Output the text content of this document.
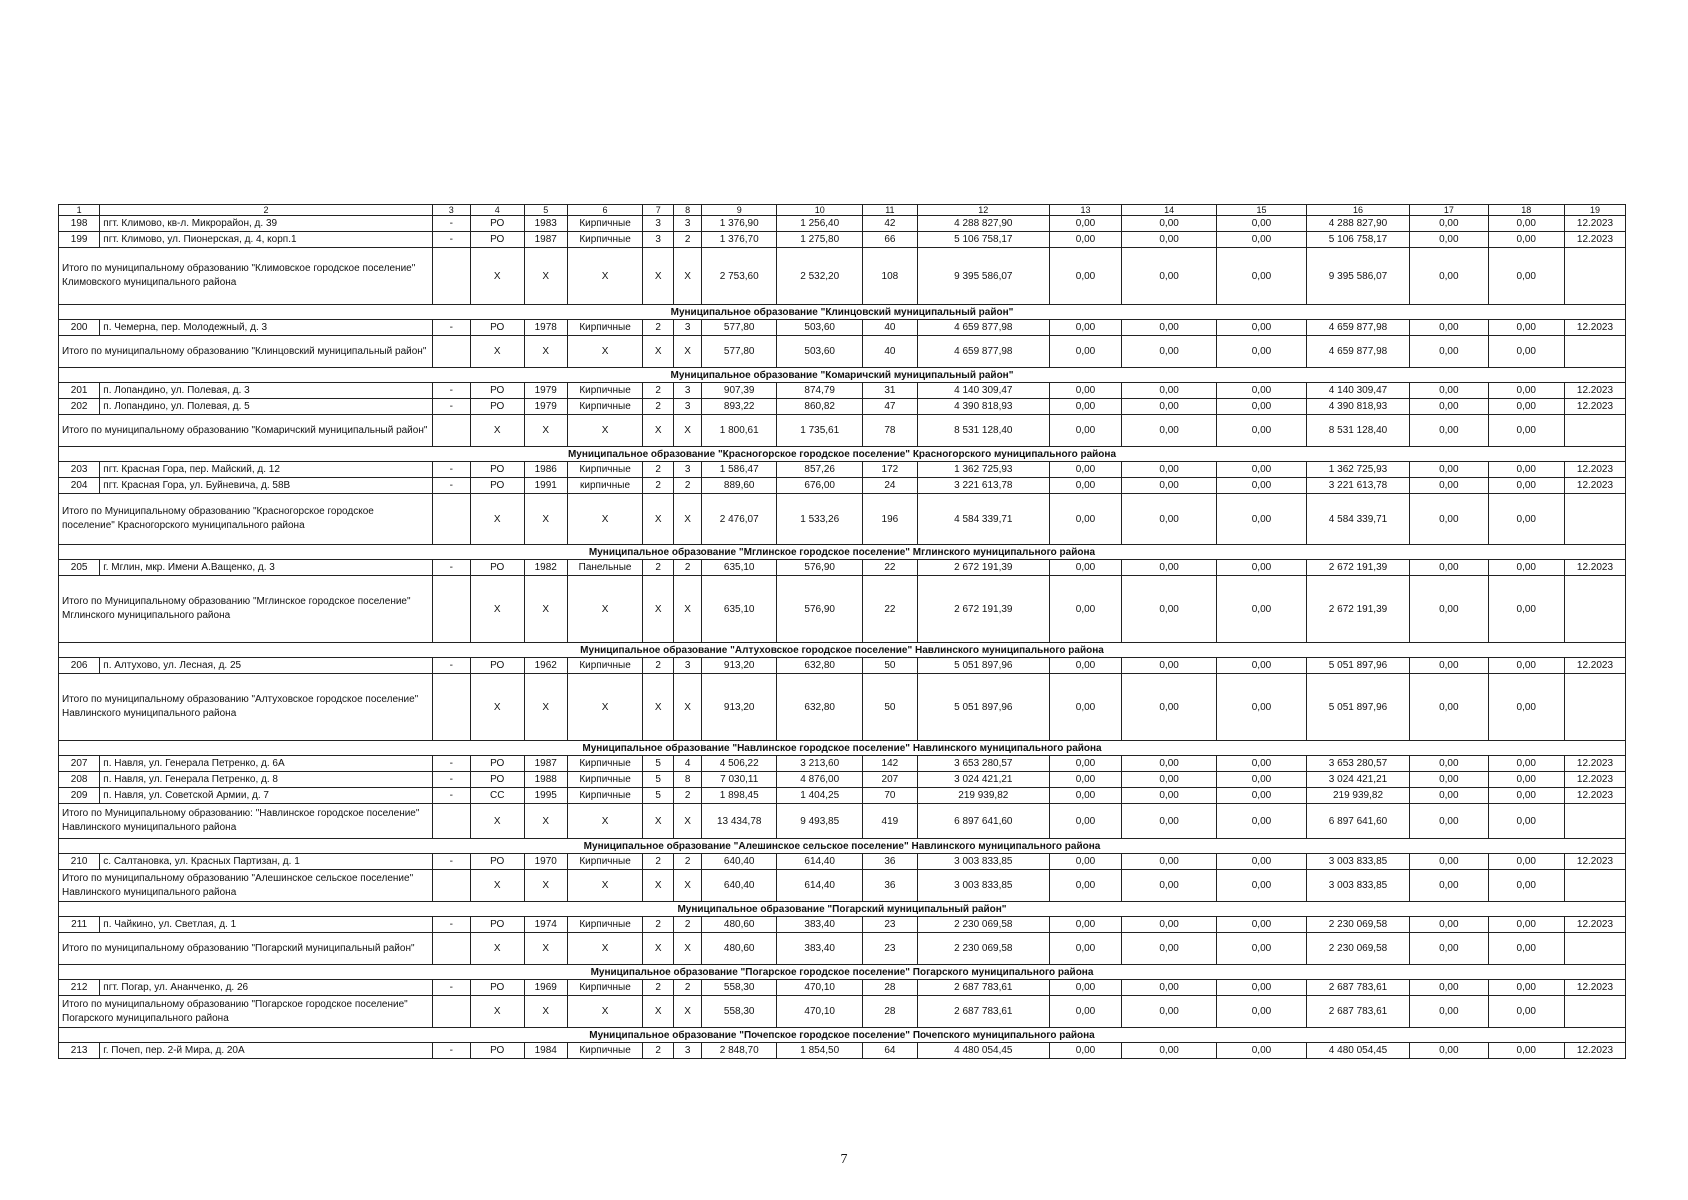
1	2	3	4	5	6	7	8	9	10	11	12	13	14	15	16	17	18	19
198	пгт. Климово, кв-л. Микрорайон, д. 39	-	РО	1983	Кирпичные	3	3	1 376,90	1 256,40	42	4 288 827,90	0,00	0,00	0,00	4 288 827,90	0,00	0,00	12.2023
199	пгт. Климово, ул. Пионерская, д. 4, корп.1	-	РО	1987	Кирпичные	3	2	1 376,70	1 275,80	66	5 106 758,17	0,00	0,00	0,00	5 106 758,17	0,00	0,00	12.2023
Итого по муниципальному образованию "Климовское городское поселение" Климовского муниципального района			X	X	X	X	X	2 753,60	2 532,20	108	9 395 586,07	0,00	0,00	0,00	9 395 586,07	0,00	0,00	
Муниципальное образование "Клинцовский муниципальный район"																		
200	п. Чемерна, пер. Молодежный, д. 3	-	РО	1978	Кирпичные	2	3	577,80	503,60	40	4 659 877,98	0,00	0,00	0,00	4 659 877,98	0,00	0,00	12.2023
Итого по муниципальному образованию "Клинцовский муниципальный район"			X	X	X	X	X	577,80	503,60	40	4 659 877,98	0,00	0,00	0,00	4 659 877,98	0,00	0,00	
Муниципальное образование "Комаричский муниципальный район"																		
201	п. Лопандино, ул. Полевая, д. 3	-	РО	1979	Кирпичные	2	3	907,39	874,79	31	4 140 309,47	0,00	0,00	0,00	4 140 309,47	0,00	0,00	12.2023
202	п. Лопандино, ул. Полевая, д. 5	-	РО	1979	Кирпичные	2	3	893,22	860,82	47	4 390 818,93	0,00	0,00	0,00	4 390 818,93	0,00	0,00	12.2023
Итого по муниципальному образованию "Комаричский муниципальный район"			X	X	X	X	X	1 800,61	1 735,61	78	8 531 128,40	0,00	0,00	0,00	8 531 128,40	0,00	0,00	
Муниципальное образование "Красногорское городское поселение" Красногорского муниципального района																		
203	пгт. Красная Гора, пер. Майский, д. 12	-	РО	1986	Кирпичные	2	3	1 586,47	857,26	172	1 362 725,93	0,00	0,00	0,00	1 362 725,93	0,00	0,00	12.2023
204	пгт. Красная Гора, ул. Буйневича, д. 58В	-	РО	1991	кирпичные	2	2	889,60	676,00	24	3 221 613,78	0,00	0,00	0,00	3 221 613,78	0,00	0,00	12.2023
Итого по Муниципальному образованию "Красногорское городское поселение" Красногорского муниципального района			X	X	X	X	X	2 476,07	1 533,26	196	4 584 339,71	0,00	0,00	0,00	4 584 339,71	0,00	0,00	
Муниципальное образование "Мглинское городское поселение" Мглинского муниципального района																		
205	г. Мглин, мкр. Имени А.Ващенко, д. 3	-	РО	1982	Панельные	2	2	635,10	576,90	22	2 672 191,39	0,00	0,00	0,00	2 672 191,39	0,00	0,00	12.2023
Итого по Муниципальному образованию "Мглинское городское поселение" Мглинского муниципального района			X	X	X	X	X	635,10	576,90	22	2 672 191,39	0,00	0,00	0,00	2 672 191,39	0,00	0,00	
Муниципальное образование "Алтуховское городское поселение" Навлинского муниципального района																		
206	п. Алтухово, ул. Лесная, д. 25	-	РО	1962	Кирпичные	2	3	913,20	632,80	50	5 051 897,96	0,00	0,00	0,00	5 051 897,96	0,00	0,00	12.2023
Итого по муниципальному образованию "Алтуховское городское поселение" Навлинского муниципального района			X	X	X	X	X	913,20	632,80	50	5 051 897,96	0,00	0,00	0,00	5 051 897,96	0,00	0,00	
Муниципальное образование "Навлинское городское поселение" Навлинского муниципального района																		
207	п. Навля, ул. Генерала Петренко, д. 6А	-	РО	1987	Кирпичные	5	4	4 506,22	3 213,60	142	3 653 280,57	0,00	0,00	0,00	3 653 280,57	0,00	0,00	12.2023
208	п. Навля, ул. Генерала Петренко, д. 8	-	РО	1988	Кирпичные	5	8	7 030,11	4 876,00	207	3 024 421,21	0,00	0,00	0,00	3 024 421,21	0,00	0,00	12.2023
209	п. Навля, ул. Советской Армии, д. 7	-	СС	1995	Кирпичные	5	2	1 898,45	1 404,25	70	219 939,82	0,00	0,00	0,00	219 939,82	0,00	0,00	12.2023
Итого по Муниципальному образованию: "Навлинское городское поселение" Навлинского муниципального района			X	X	X	X	X	13 434,78	9 493,85	419	6 897 641,60	0,00	0,00	0,00	6 897 641,60	0,00	0,00	
Муниципальное образование "Алешинское сельское поселение" Навлинского муниципального района																		
210	с. Салтановка, ул. Красных Партизан, д. 1	-	РО	1970	Кирпичные	2	2	640,40	614,40	36	3 003 833,85	0,00	0,00	0,00	3 003 833,85	0,00	0,00	12.2023
Итого по муниципальному образованию "Алешинское сельское поселение" Навлинского муниципального района			X	X	X	X	X	640,40	614,40	36	3 003 833,85	0,00	0,00	0,00	3 003 833,85	0,00	0,00	
Муниципальное образование "Погарский муниципальный район"																		
211	п. Чайкино, ул. Светлая, д. 1	-	РО	1974	Кирпичные	2	2	480,60	383,40	23	2 230 069,58	0,00	0,00	0,00	2 230 069,58	0,00	0,00	12.2023
Итого по муниципальному образованию "Погарский муниципальный район"			X	X	X	X	X	480,60	383,40	23	2 230 069,58	0,00	0,00	0,00	2 230 069,58	0,00	0,00	
Муниципальное образование "Погарское городское поселение" Погарского муниципального района																		
212	пгт. Погар, ул. Ананченко, д. 26	-	РО	1969	Кирпичные	2	2	558,30	470,10	28	2 687 783,61	0,00	0,00	0,00	2 687 783,61	0,00	0,00	12.2023
Итого по муниципальному образованию "Погарское городское поселение" Погарского муниципального района			X	X	X	X	X	558,30	470,10	28	2 687 783,61	0,00	0,00	0,00	2 687 783,61	0,00	0,00	
Муниципальное образование "Почепское городское поселение" Почепского муниципального района																		
213	г. Почеп, пер. 2-й Мира, д. 20А	-	РО	1984	Кирпичные	2	3	2 848,70	1 854,50	64	4 480 054,45	0,00	0,00	0,00	4 480 054,45	0,00	0,00	12.2023
7
